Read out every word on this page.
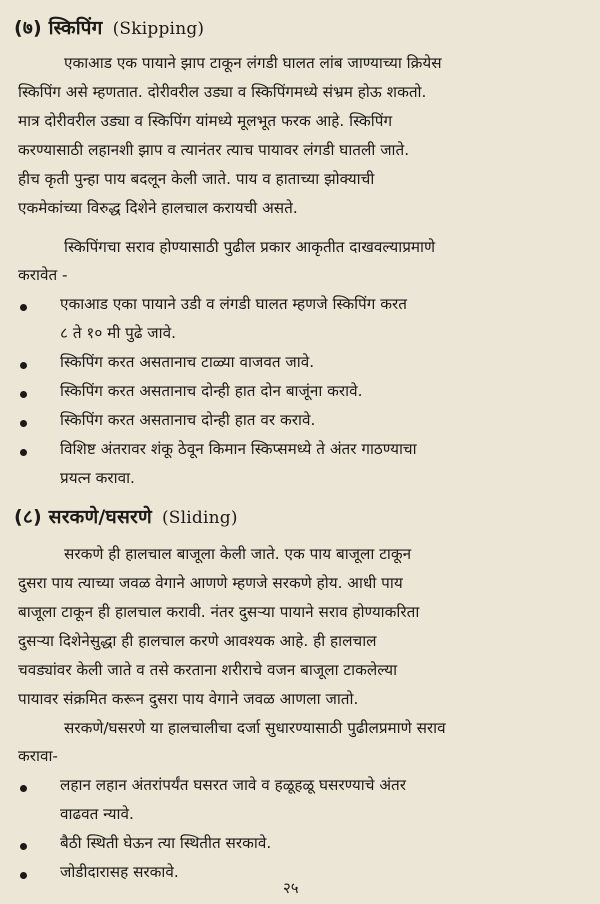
(७) स्किपिंग (Skipping)
एकाआड एक पायाने झाप टाकून लंगडी घालत लांब जाण्याच्या क्रियेस
स्किपिंग असे म्हणतात. दोरीवरील उड्या व स्किपिंगमध्ये संभ्रम होऊ शकतो.
मात्र दोरीवरील उड्या व स्किपिंग यांमध्ये मूलभूत फरक आहे. स्किपिंग
करण्यासाठी लहानशी झाप व त्यानंतर त्याच पायावर लंगडी घातली जाते.
हीच कृती पुन्हा पाय बदलून केली जाते. पाय व हाताच्या झोक्याची
एकमेकांच्या विरुद्ध दिशेने हालचाल करायची असते.
स्किपिंगचा सराव होण्यासाठी पुढील प्रकार आकृतीत दाखवल्याप्रमाणे
करावेत -
एकाआड एका पायाने उडी व लंगडी घालत म्हणजे स्किपिंग करत
८ ते १० मी पुढे जावे.
स्किपिंग करत असतानाच टाळ्या वाजवत जावे.
स्किपिंग करत असतानाच दोन्ही हात दोन बाजूंना करावे.
स्किपिंग करत असतानाच दोन्ही हात वर करावे.
विशिष्ट अंतरावर शंकू ठेवून किमान स्किप्समध्ये ते अंतर गाठण्याचा
प्रयत्न करावा.
(८) सरकणे/घसरणे (Sliding)
सरकणे ही हालचाल बाजूला केली जाते. एक पाय बाजूला टाकून
दुसरा पाय त्याच्या जवळ वेगाने आणणे म्हणजे सरकणे होय. आधी पाय
बाजूला टाकून ही हालचाल करावी. नंतर दुसऱ्या पायाने सराव होण्याकरिता
दुसऱ्या दिशेनेसुद्धा ही हालचाल करणे आवश्यक आहे. ही हालचाल
चवड्यांवर केली जाते व तसे करताना शरीराचे वजन बाजूला टाकलेल्या
पायावर संक्रमित करून दुसरा पाय वेगाने जवळ आणला जातो.
सरकणे/घसरणे या हालचालीचा दर्जा सुधारण्यासाठी पुढीलप्रमाणे सराव
करावा-
लहान लहान अंतरांपर्यंत घसरत जावे व हळूहळू घसरण्याचे अंतर
वाढवत न्यावे.
बैठी स्थिती घेऊन त्या स्थितीत सरकावे.
जोडीदारासह सरकावे.
२५
